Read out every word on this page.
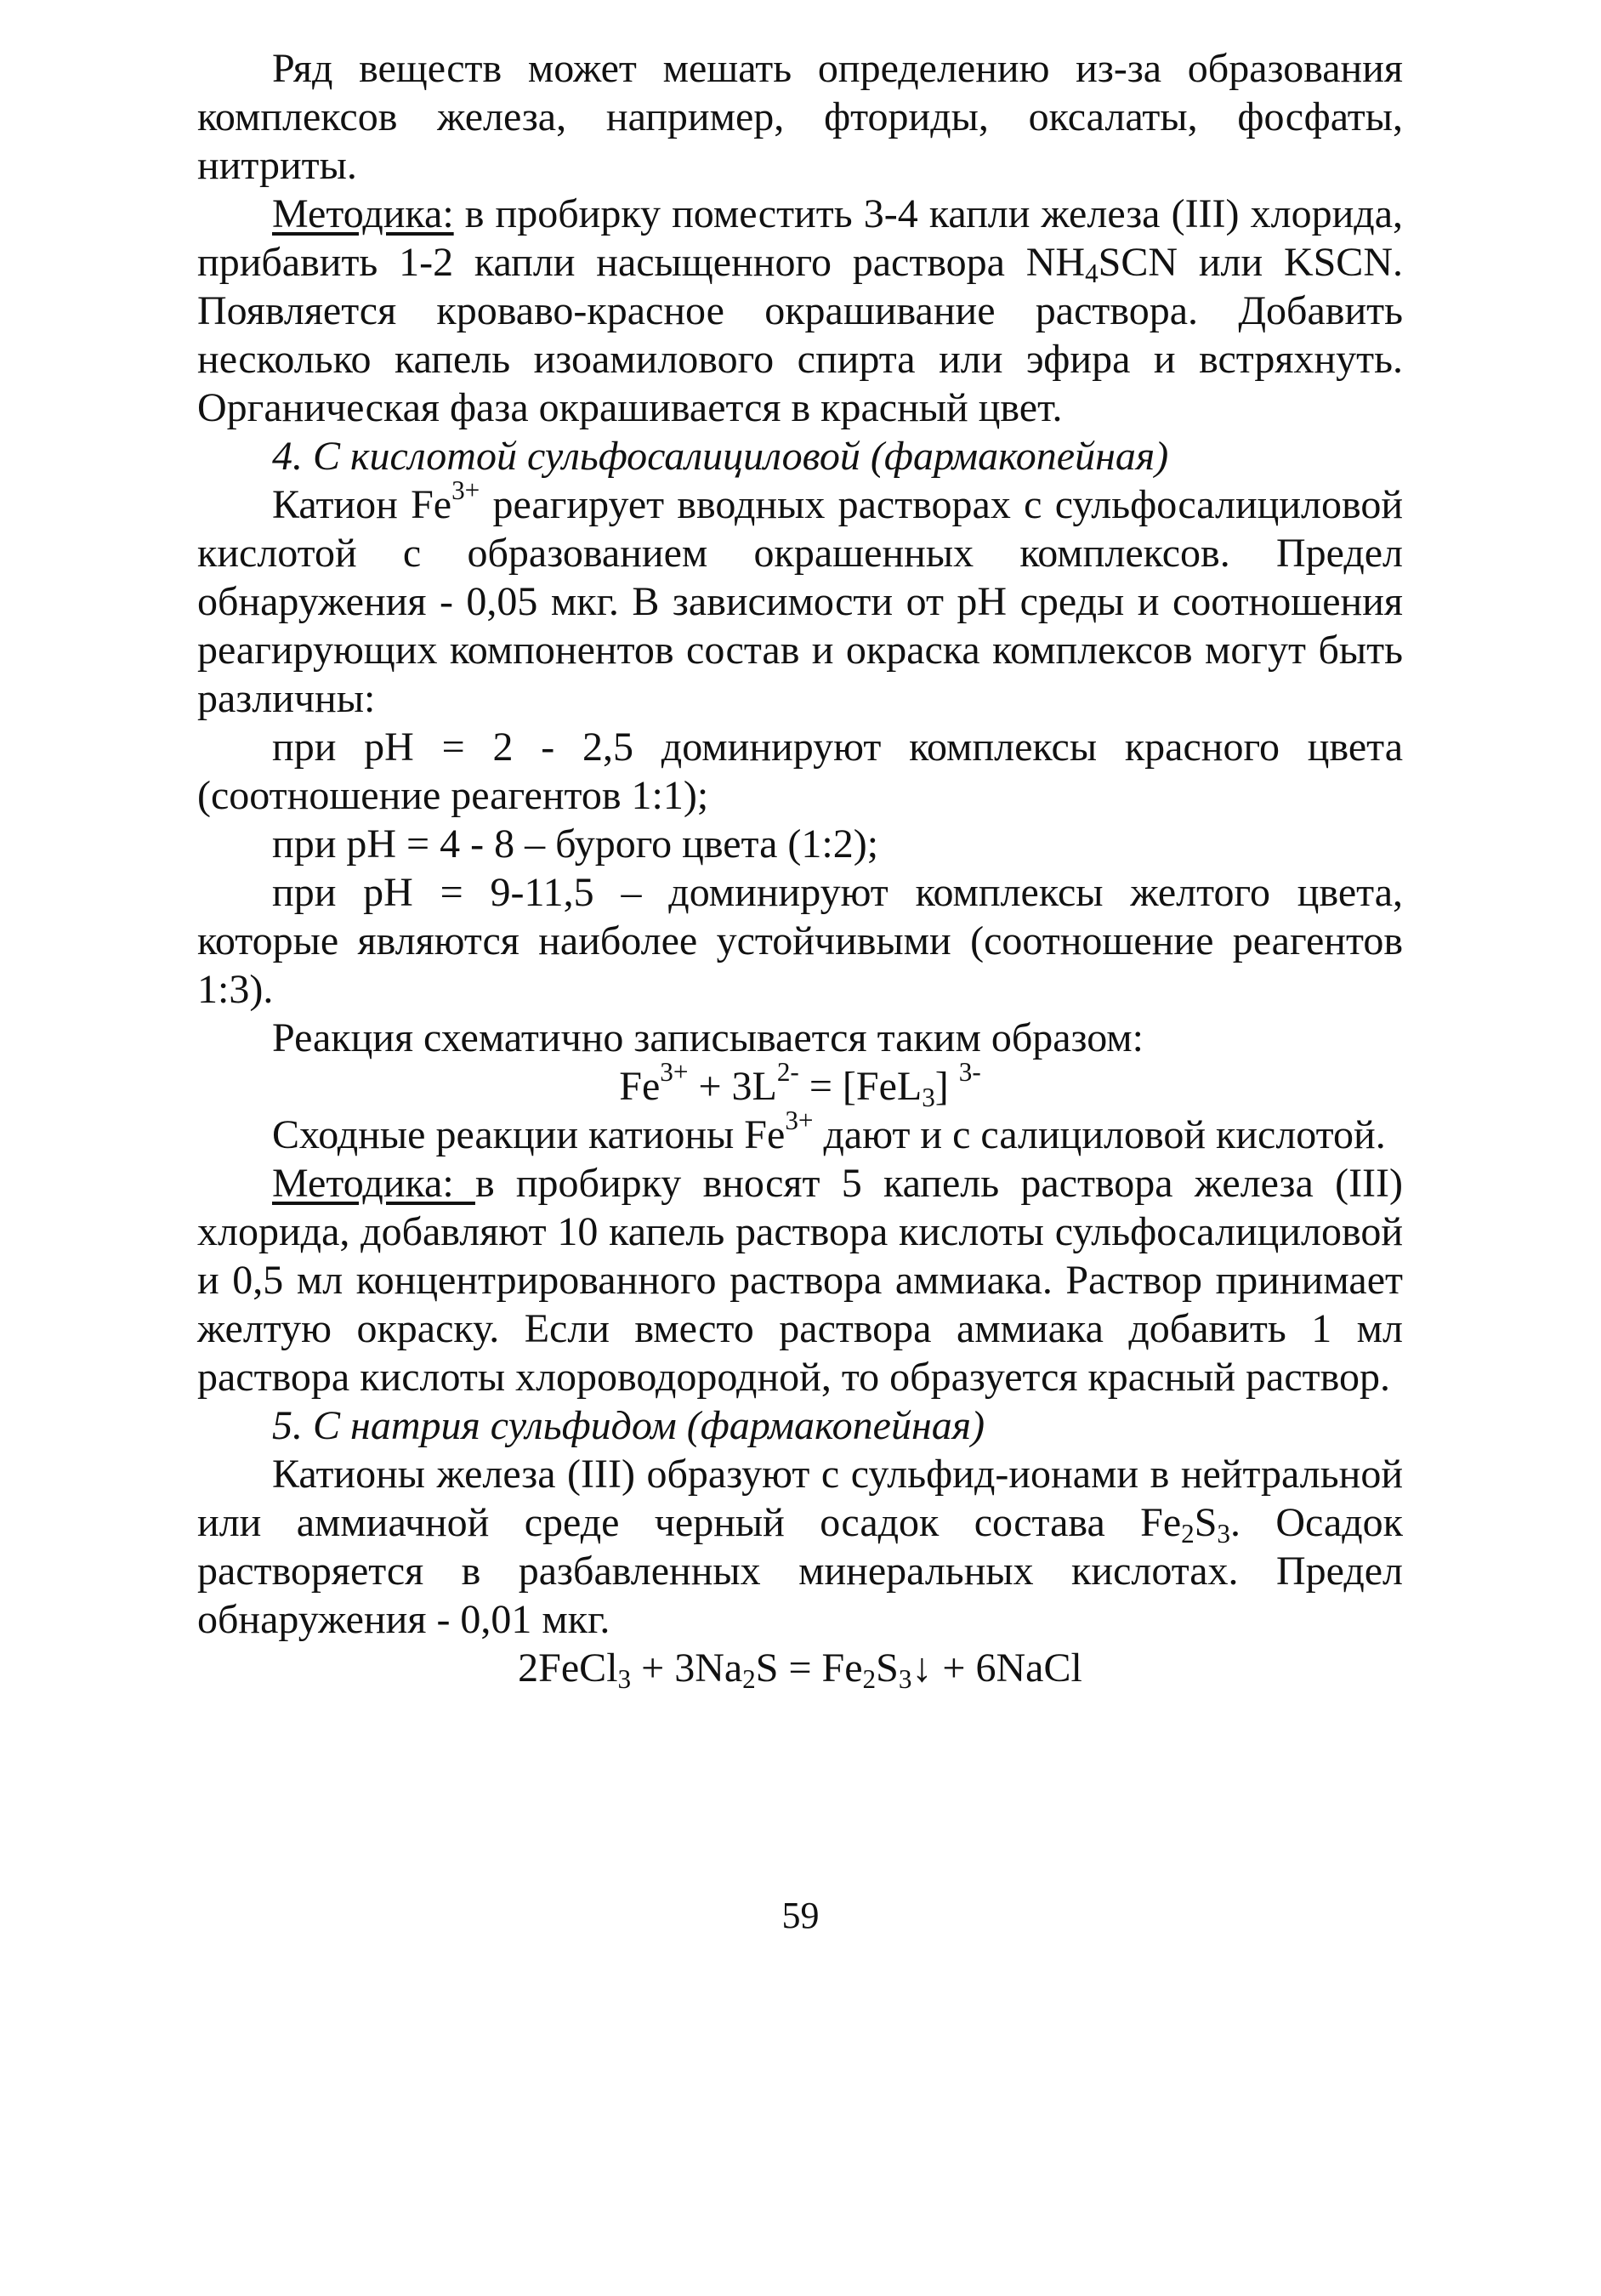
Ряд веществ может мешать определению из-за образования комплексов железа, например, фториды, оксалаты, фосфаты, нитриты.

Методика: в пробирку поместить 3-4 капли железа (III) хлорида, прибавить 1-2 капли насыщенного раствора $NH_4SCN$ или KSCN. Появляется кроваво-красное окрашивание раствора. Добавить несколько капель изоамилового спирта или эфира и встряхнуть. Органическая фаза окрашивается в красный цвет.

4. С кислотой сульфосалициловой (фармакопейная)

Катион $Fe^{3+}$ реагирует вводных растворах с сульфосалициловой кислотой с образованием окрашенных комплексов. Предел обнаружения - 0,05 мкг. В зависимости от pH среды и соотношения реагирующих компонентов состав и окраска комплексов могут быть различны:

при pH = 2 - 2,5 доминируют комплексы красного цвета (соотношение реагентов 1:1);

при pH = 4 - 8 – бурого цвета (1:2);

при pH = 9-11,5 – доминируют комплексы желтого цвета, которые являются наиболее устойчивыми (соотношение реагентов 1:3).

Реакция схематично записывается таким образом:

$Fe^{3+} + 3L^{2-} = [FeL_3]$ $^{3-}$

Сходные реакции катионы $Fe^{3+}$ дают и с салициловой кислотой.

Методика: в пробирку вносят 5 капель раствора железа (III) хлорида, добавляют 10 капель раствора кислоты сульфосалициловой и 0,5 мл концентрированного раствора аммиака. Раствор принимает желтую окраску. Если вместо раствора аммиака добавить 1 мл раствора кислоты хлороводородной, то образуется красный раствор.

5. С натрия сульфидом (фармакопейная)

Катионы железа (III) образуют с сульфид-ионами в нейтральной или аммиачной среде черный осадок состава $Fe_2S_3$. Осадок растворяется в разбавленных минеральных кислотах. Предел обнаружения - 0,01 мкг.

2FeCl$_3$ + $3Na_2S$ = $Fe_2S_3↓$ + 6NaCl

59
